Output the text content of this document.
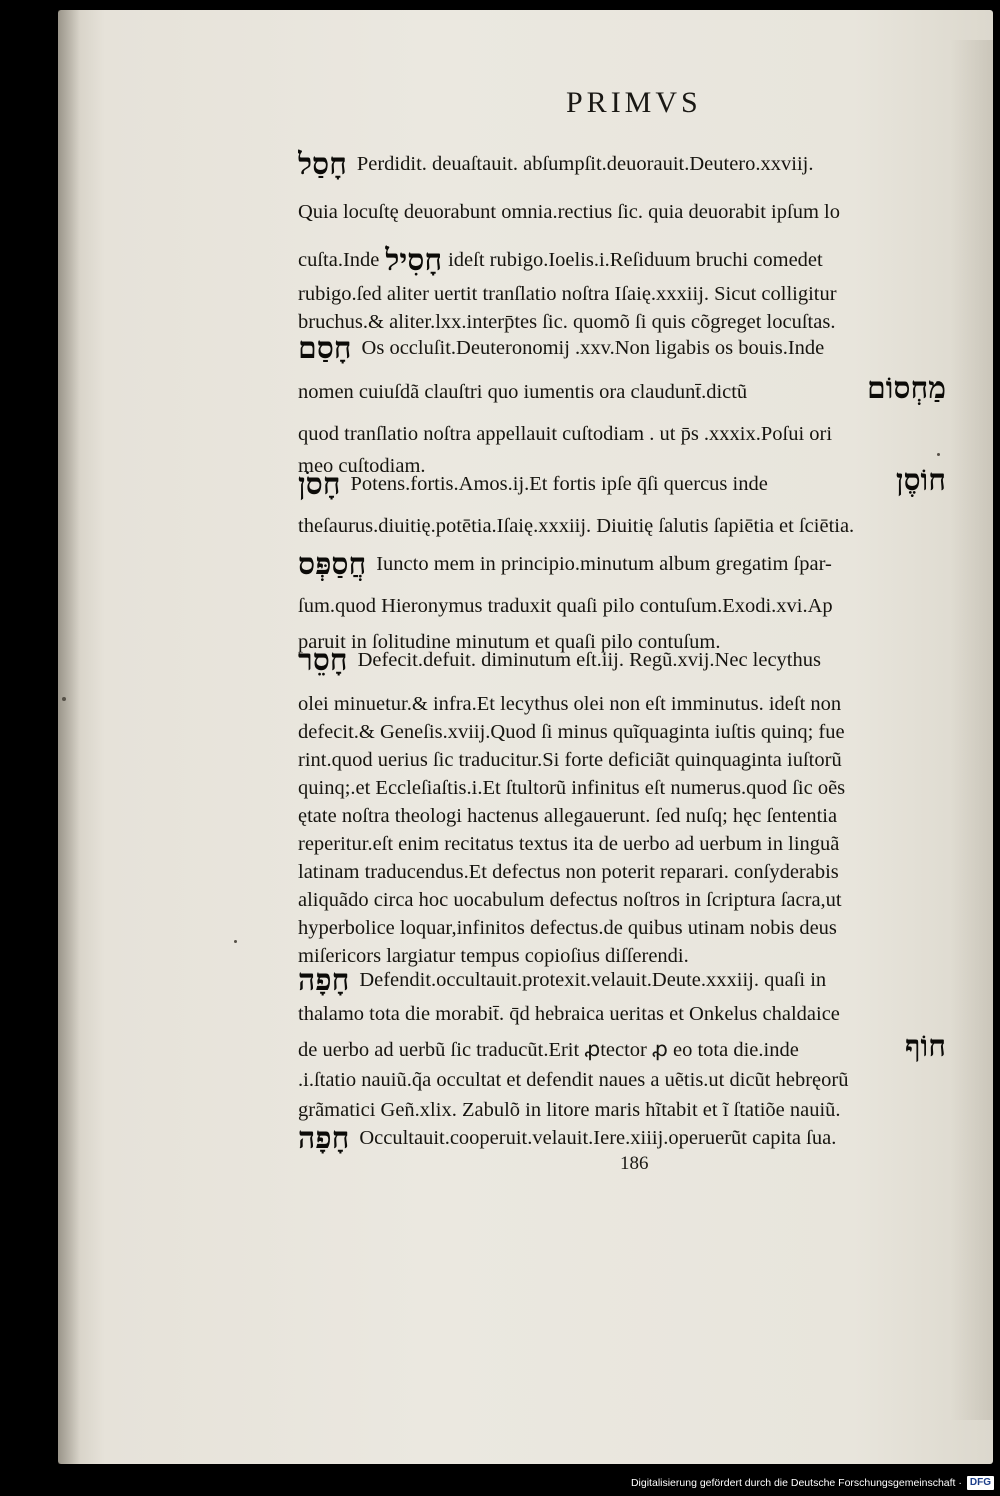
PRIMVS
חָסַל Perdidit. deuaſtauit. abſumpſit.deuorauit.Deutero.xxviij.
Quia locuſtę deuorabunt omnia.rectius ſic. quia deuorabit ipſum lo
cuſta.Inde חָסִיל ideſt rubigo.Ioelis.i.Reſiduum bruchi comedet
rubigo.ſed aliter uertit tranſlatio noſtra Iſaię.xxxiij. Sicut colligitur
bruchus.& aliter.lxx.interp̄tes ſic. quomõ ſi quis cõgreget locuſtas.
חָסַם Os occluſit.Deuteronomij .xxv.Non ligabis os bouis.Inde
מַחְסוֹם
nomen cuiuſdã clauſtri quo iumentis ora claudunt̄.dictũ
quod tranſlatio noſtra appellauit cuſtodiam . ut p̄s .xxxix.Poſui ori
meo cuſtodiam.	חוֹסֶן
חָסֹן Potens.fortis.Amos.ij.Et fortis ipſe q̄ſi quercus inde
theſaurus.diuitię.potētia.Iſaię.xxxiij. Diuitię ſalutis ſapiētia et ſciētia.
חֲסַפְּס Iuncto mem in principio.minutum album gregatim ſpar-
ſum.quod Hieronymus traduxit quaſi pilo contuſum.Exodi.xvi.Ap
paruit in ſolitudine minutum et quaſi pilo contuſum.
חָסֵר Defecit.defuit. diminutum eſt.iij. Regũ.xvij.Nec lecythus
olei minuetur.& infra.Et lecythus olei non eſt imminutus. ideſt non
defecit.& Geneſis.xviij.Quod ſi minus quĩquaginta iuſtis quinq; fue
rint.quod uerius ſic traducitur.Si forte deficiãt quinquaginta iuſtorũ
quinq;.et Eccleſiaſtis.i.Et ſtultorũ infinitus eſt numerus.quod ſic oẽs
ętate noſtra theologi hactenus allegauerunt. ſed nuſq; hęc ſententia
reperitur.eſt enim recitatus textus ita de uerbo ad uerbum in linguã
latinam traducendus.Et defectus non poterit reparari. conſyderabis
aliquãdo circa hoc uocabulum defectus noſtros in ſcriptura ſacra,ut
hyperbolice loquar,infinitos defectus.de quibus utinam nobis deus
miſericors largiatur tempus copioſius diſſerendi.
חָפָה Defendit.occultauit.protexit.velauit.Deute.xxxiij. quaſi in
thalamo tota die morabit̄. q̄d hebraica ueritas et Onkelus chaldaice
חוֹף
de uerbo ad uerbũ ſic traducũt.Erit ꝓtector ꝓ eo tota die.inde
.i.ſtatio nauiũ.q̃a occultat et defendit naues a uẽtis.ut dicũt hebręorũ
grãmatici Geñ.xlix. Zabulõ in litore maris hĩtabit et ĩ ſtatiõe nauiũ.
חָפָה Occultauit.cooperuit.velauit.Iere.xiiij.operuerũt capita ſua.
186
Digitalisierung gefördert durch die Deutsche Forschungsgemeinschaft · DFG
